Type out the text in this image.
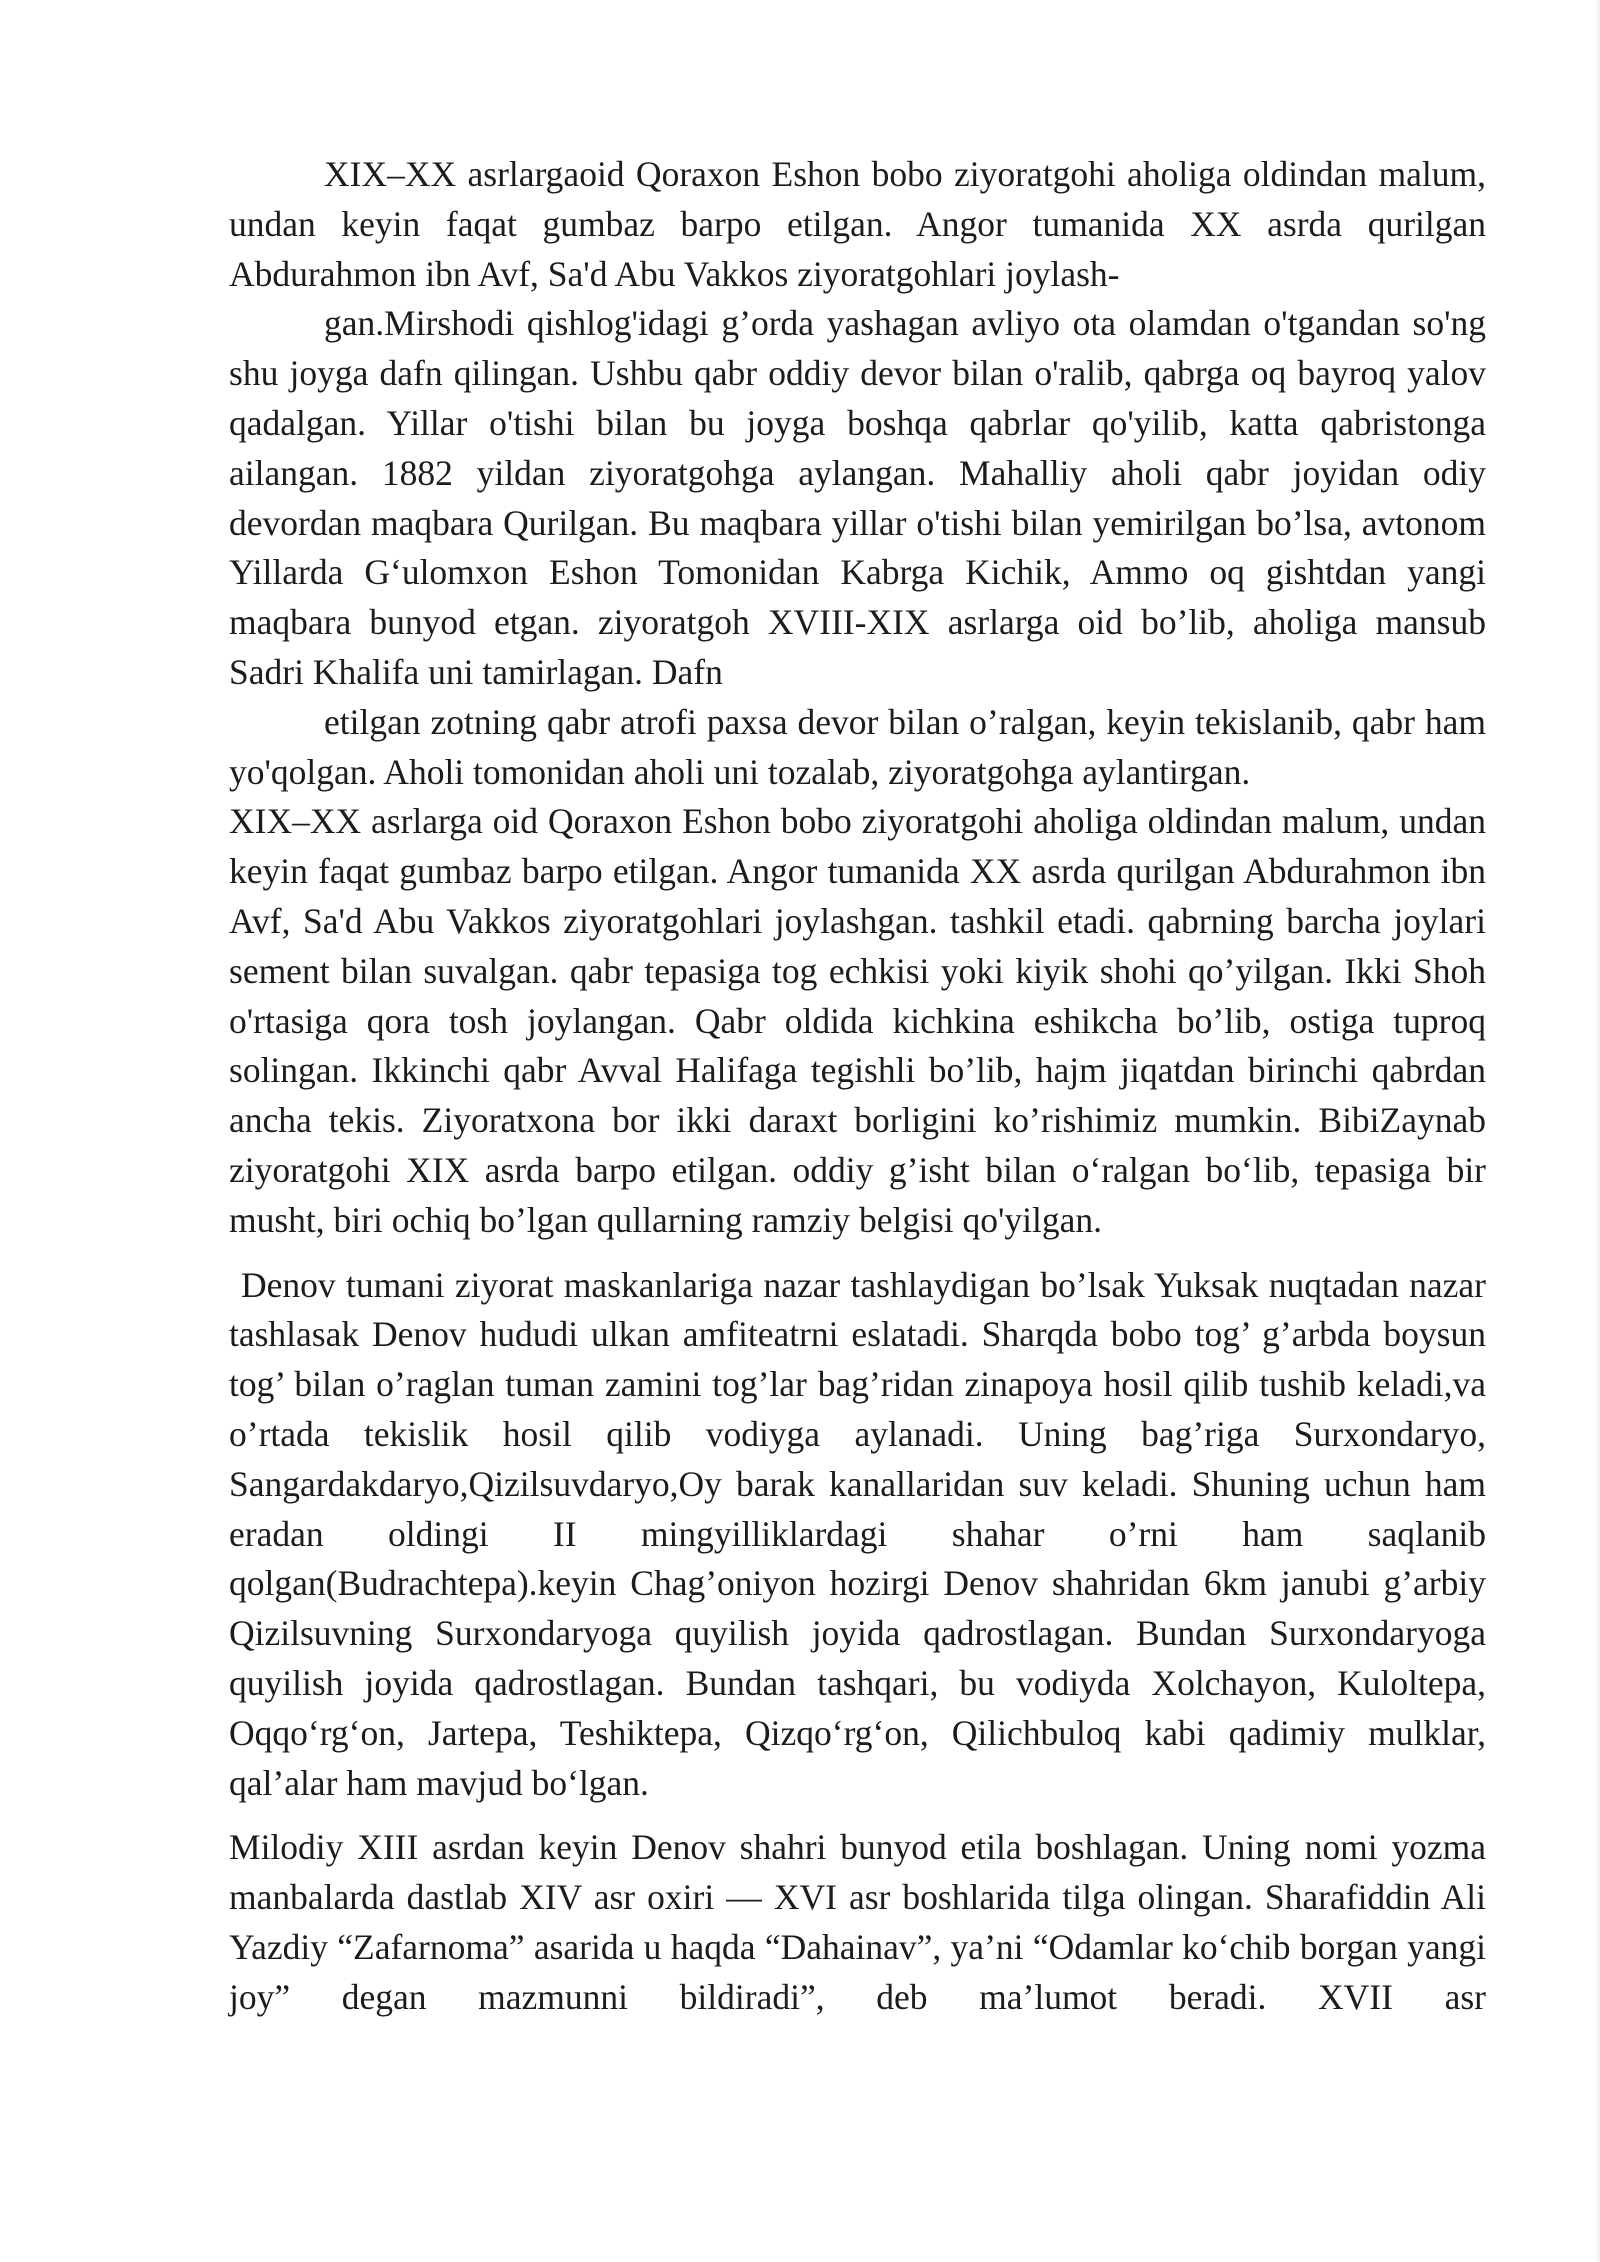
XIX–XX asrlargaoid Qoraxon Eshon bobo ziyoratgohi aholiga oldindan malum, undan keyin faqat gumbaz barpo etilgan. Angor tumanida XX asrda qurilgan Abdurahmon ibn Avf, Sa'd Abu Vakkos ziyoratgohlari joylash-

gan.Mirshodi qishlog'idagi g’orda yashagan avliyo ota olamdan o'tgandan so'ng shu joyga dafn qilingan. Ushbu qabr oddiy devor bilan o'ralib, qabrga oq bayroq yalov qadalgan. Yillar o'tishi bilan bu joyga boshqa qabrlar qo'yilib, katta qabristonga ailangan. 1882 yildan ziyoratgohga aylangan. Mahalliy aholi qabr joyidan odiy devordan maqbara Qurilgan. Bu maqbara yillar o'tishi bilan yemirilgan bo’lsa, avtonom Yillarda G‘ulomxon Eshon Tomonidan Kabrga Kichik, Ammo oq gishtdan yangi maqbara bunyod etgan. ziyoratgoh XVIII-XIX asrlarga oid bo’lib, aholiga mansub Sadri Khalifa uni tamirlagan. Dafn

etilgan zotning qabr atrofi paxsa devor bilan o’ralgan, keyin tekislanib, qabr ham yo'qolgan. Aholi tomonidan aholi uni tozalab, ziyoratgohga aylantirgan.

XIX–XX asrlarga oid Qoraxon Eshon bobo ziyoratgohi aholiga oldindan malum, undan keyin faqat gumbaz barpo etilgan. Angor tumanida XX asrda qurilgan Abdurahmon ibn Avf, Sa'd Abu Vakkos ziyoratgohlari joylashgan. tashkil etadi. qabrning barcha joylari sement bilan suvalgan. qabr tepasiga tog echkisi yoki kiyik shohi qo’yilgan. Ikki Shoh o'rtasiga qora tosh joylangan. Qabr oldida kichkina eshikcha bo’lib, ostiga tuproq solingan. Ikkinchi qabr Avval Halifaga tegishli bo’lib, hajm jiqatdan birinchi qabrdan ancha tekis. Ziyoratxona bor ikki daraxt borligini ko’rishimiz mumkin. BibiZaynab ziyoratgohi XIX asrda barpo etilgan. oddiy g’isht bilan o‘ralgan bo‘lib, tepasiga bir musht, biri ochiq bo’lgan qullarning ramziy belgisi qo'yilgan.

Denov tumani ziyorat maskanlariga nazar tashlaydigan bo’lsak Yuksak nuqtadan nazar tashlasak Denov hududi ulkan amfiteatrni eslatadi. Sharqda bobo tog’ g’arbda boysun tog’ bilan o’raglan tuman zamini tog’lar bag’ridan zinapoya hosil qilib tushib keladi,va o’rtada tekislik hosil qilib vodiyga aylanadi. Uning bag’riga Surxondaryo, Sangardakdaryo,Qizilsuvdaryo,Oy barak kanallaridan suv keladi. Shuning uchun ham eradan oldingi II mingyilliklardagi shahar o’rni ham saqlanib qolgan(Budrachtepa).keyin Chag’oniyon hozirgi Denov shahridan 6km janubi g’arbiy Qizilsuvning Surxondaryoga quyilish joyida qadrostlagan. Bundan Surxondaryoga quyilish joyida qadrostlagan. Bundan tashqari, bu vodiyda Xolchayon, Kuloltepa, Oqqo‘rg‘on, Jartepa, Teshiktepa, Qizqo‘rg‘on, Qilichbuloq kabi qadimiy mulklar, qal’alar ham mavjud bo‘lgan.

Milodiy XIII asrdan keyin Denov shahri bunyod etila boshlagan. Uning nomi yozma manbalarda dastlab XIV asr oxiri — XVI asr boshlarida tilga olingan. Sharafiddin Ali Yazdiy “Zafarnoma” asarida u haqda “Dahainav”, ya’ni “Odamlar ko‘chib borgan yangi joy” degan mazmunni bildiradi”, deb ma’lumot beradi. XVII asr
